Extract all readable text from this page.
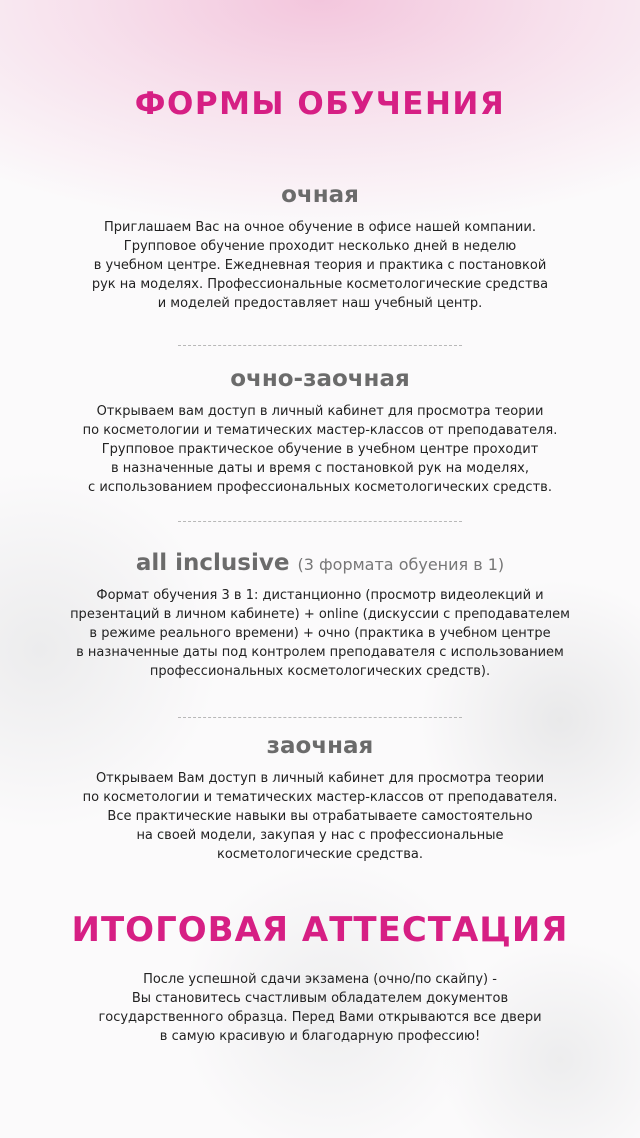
ФОРМЫ ОБУЧЕНИЯ
очная

Приглашаем Вас на очное обучение в офисе нашей компании.
Групповое обучение проходит несколько дней в неделю
в учебном центре. Ежедневная теория и практика с постановкой
рук на моделях. Профессиональные косметологические средства
и моделей предоставляет наш учебный центр.

очно-заочная

Открываем вам доступ в личный кабинет для просмотра теории
по косметологии и тематических мастер-классов от преподавателя.
Групповое практическое обучение в учебном центре проходит
в назначенные даты и время с постановкой рук на моделях,
с использованием профессиональных косметологических средств.

all inclusive (3 формата обуения в 1)

Формат обучения 3 в 1: дистанционно (просмотр видеолекций и
презентаций в личном кабинете) + online (дискуссии с преподавателем
в режиме реального времени) + очно (практика в учебном центре
в назначенные даты под контролем преподавателя с использованием
профессиональных косметологических средств).

заочная

Открываем Вам доступ в личный кабинет для просмотра теории
по косметологии и тематических мастер-классов от преподавателя.
Все практические навыки вы отрабатываете самостоятельно
на своей модели, закупая у нас с профессиональные
косметологические средства.

ИТОГОВАЯ АТТЕСТАЦИЯ

После успешной сдачи экзамена (очно/по скайпу) -
Вы становитесь счастливым обладателем документов
государственного образца. Перед Вами открываются все двери
в самую красивую и благодарную профессию!
